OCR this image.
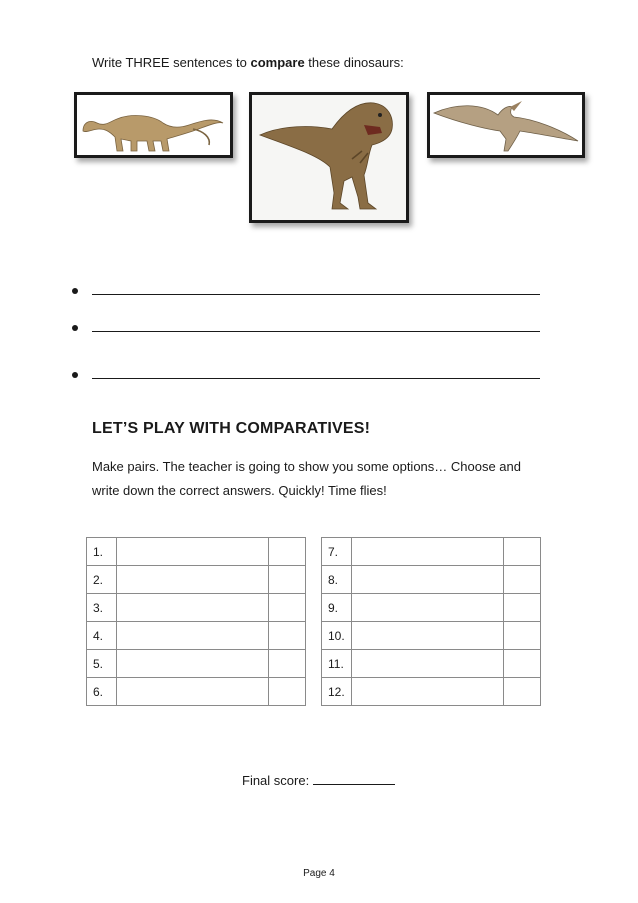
Write THREE sentences to compare these dinosaurs:
LET’S PLAY WITH COMPARATIVES!
Make pairs. The teacher is going to show you some options… Choose and write down the correct answers. Quickly! Time flies!
1.		
2.		
3.		
4.		
5.		
6.		
7.		
8.		
9.		
10.		
11.		
12.		
Final score:
Page 4
